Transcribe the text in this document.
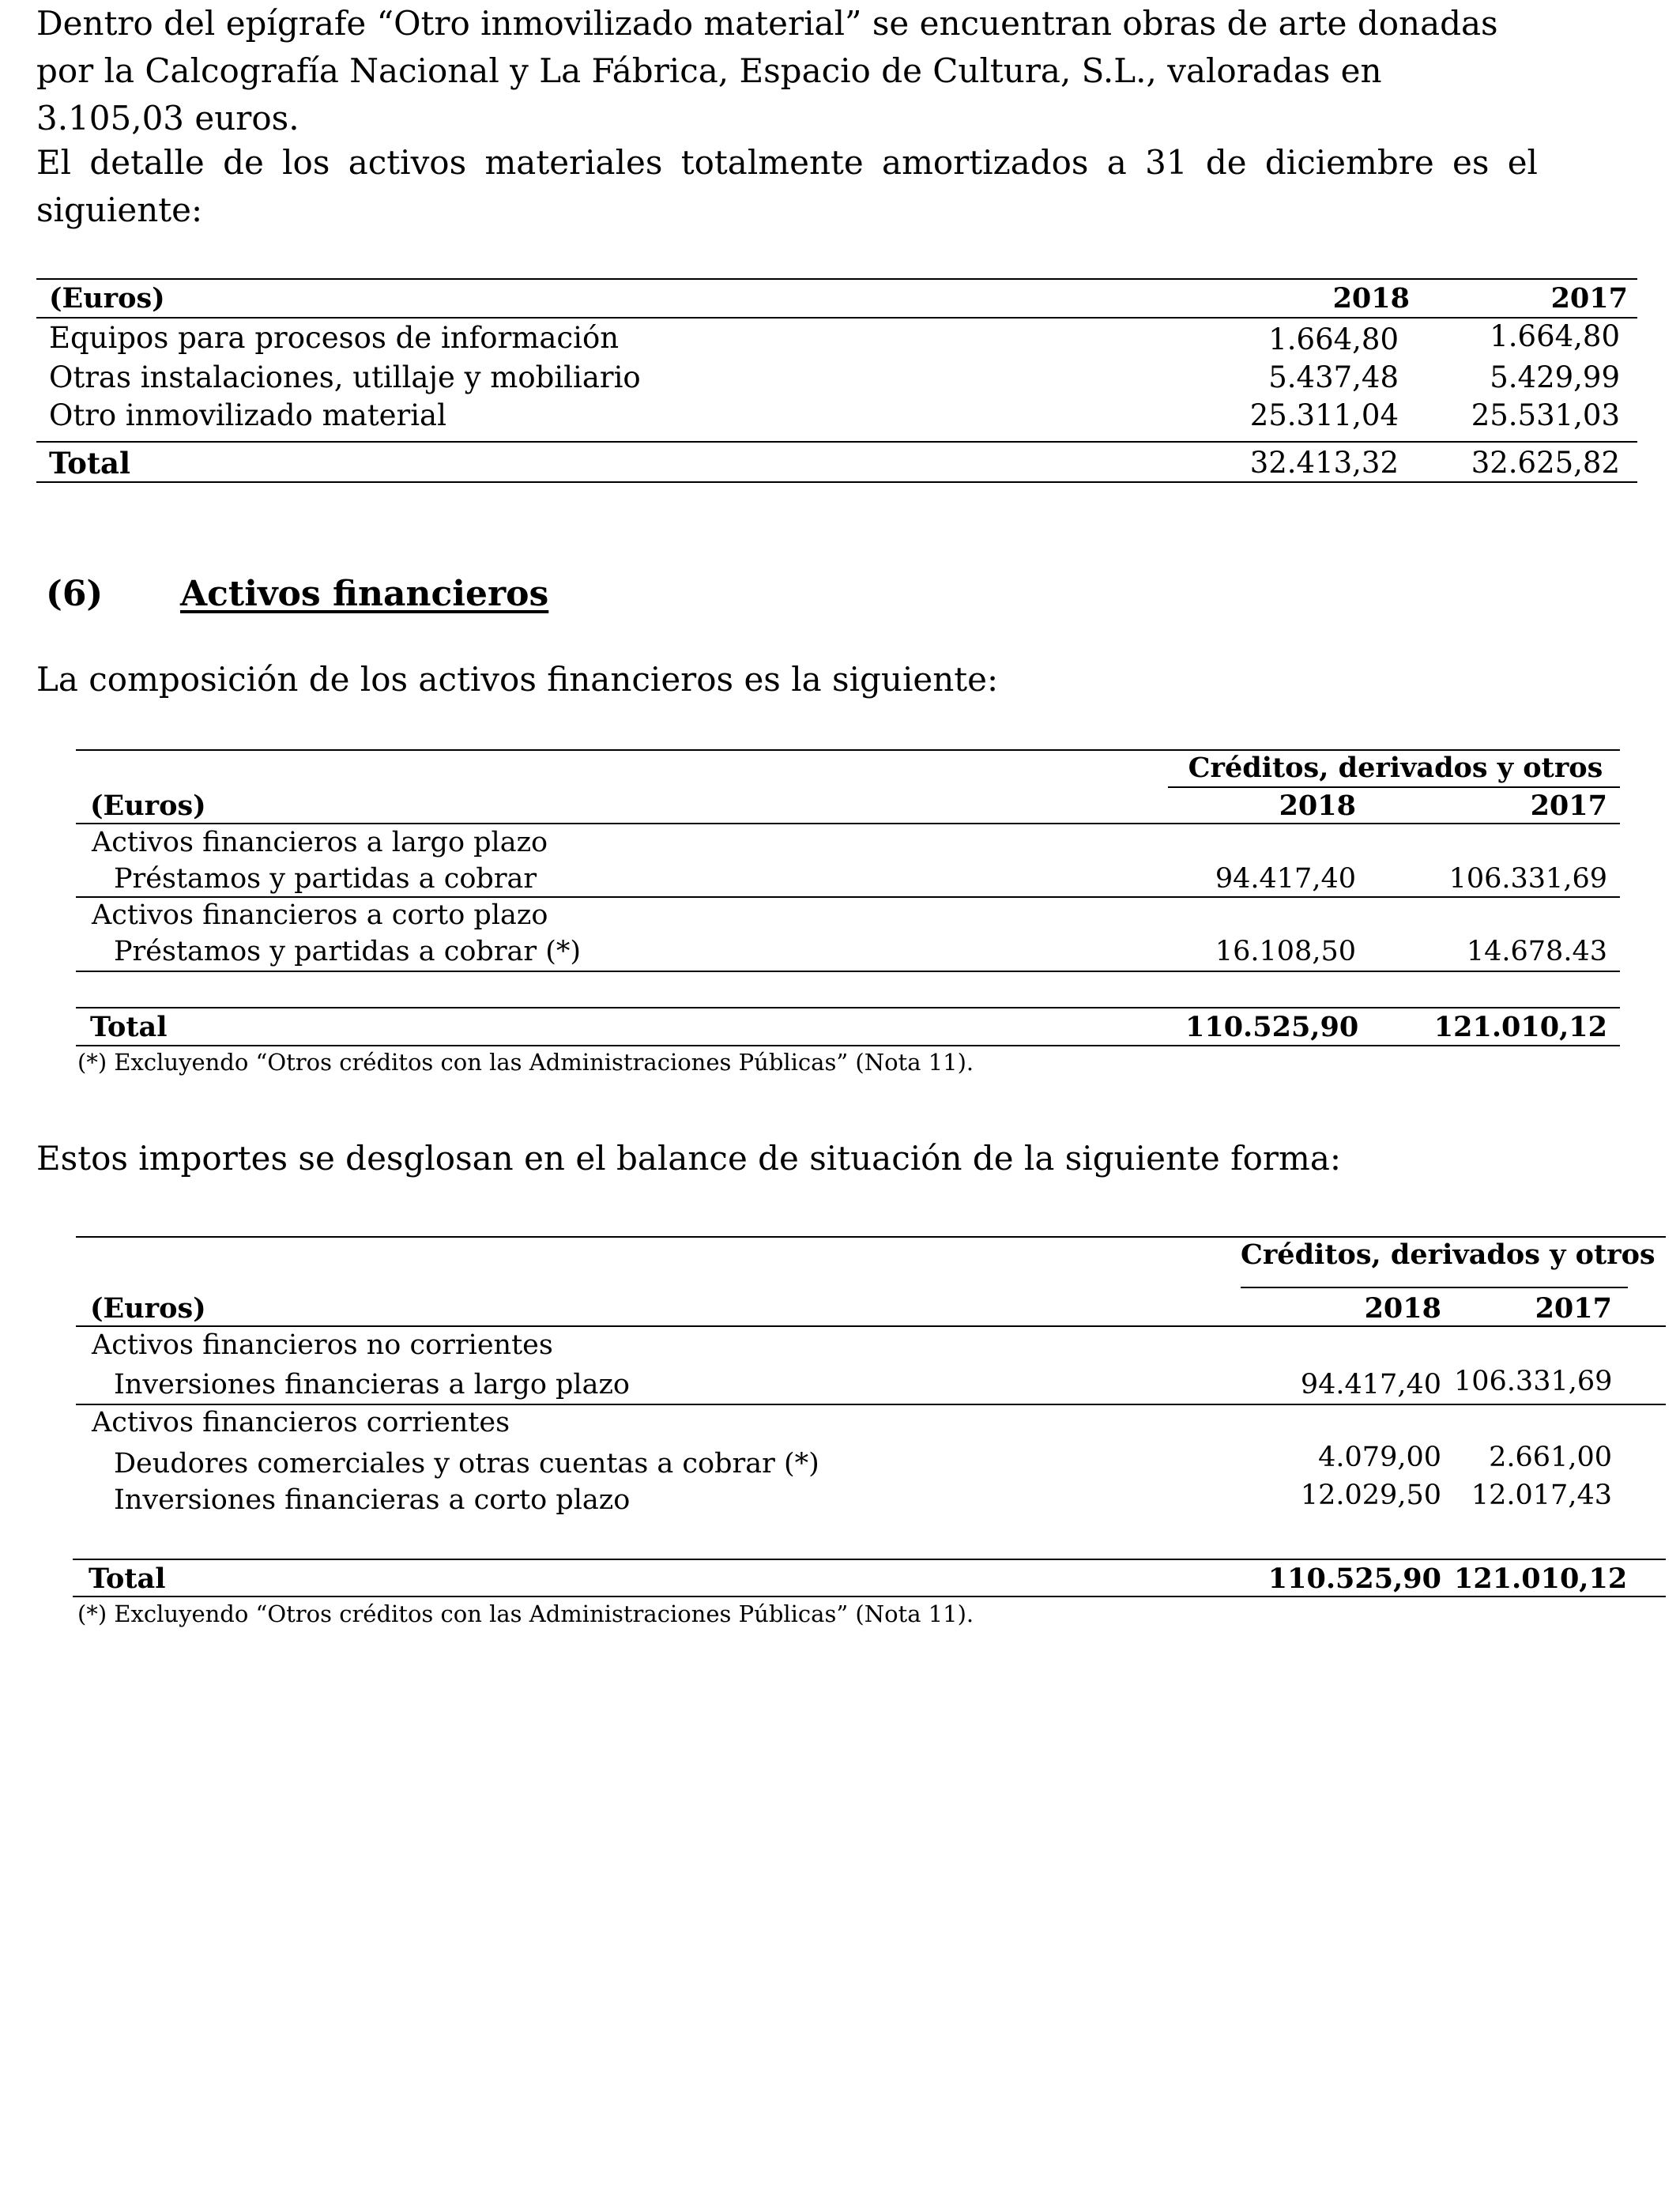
Dentro del epígrafe “Otro inmovilizado material” se encuentran obras de arte donadas por la Calcografía Nacional y La Fábrica, Espacio de Cultura, S.L., valoradas en 3.105,03 euros.

El detalle de los activos materiales totalmente amortizados a 31 de diciembre es el siguiente:

(Euros)	2018	2017
Equipos para procesos de información	1.664,80	1.664,80
Otras instalaciones, utillaje y mobiliario	5.437,48	5.429,99
Otro inmovilizado material	25.311,04	25.531,03
Total	32.413,32	32.625,82
(6) Activos financieros

La composición de los activos financieros es la siguiente:

Créditos, derivados y otros
(Euros)	2018	2017
Activos financieros a largo plazo
Préstamos y partidas a cobrar	94.417,40	106.331,69
Activos financieros a corto plazo
Préstamos y partidas a cobrar (*)	16.108,50	14.678.43
Total	110.525,90	121.010,12
(*) Excluyendo “Otros créditos con las Administraciones Públicas” (Nota 11).

Estos importes se desglosan en el balance de situación de la siguiente forma:

Créditos, derivados y otros
(Euros)	2018	2017
Activos financieros no corrientes
Inversiones financieras a largo plazo	94.417,40 106.331,69
Activos financieros corrientes
Deudores comerciales y otras cuentas a cobrar (*)	4.079,00	2.661,00
Inversiones financieras a corto plazo	12.029,50	12.017,43
Total	110.525,90 121.010,12
(*) Excluyendo “Otros créditos con las Administraciones Públicas” (Nota 11).
